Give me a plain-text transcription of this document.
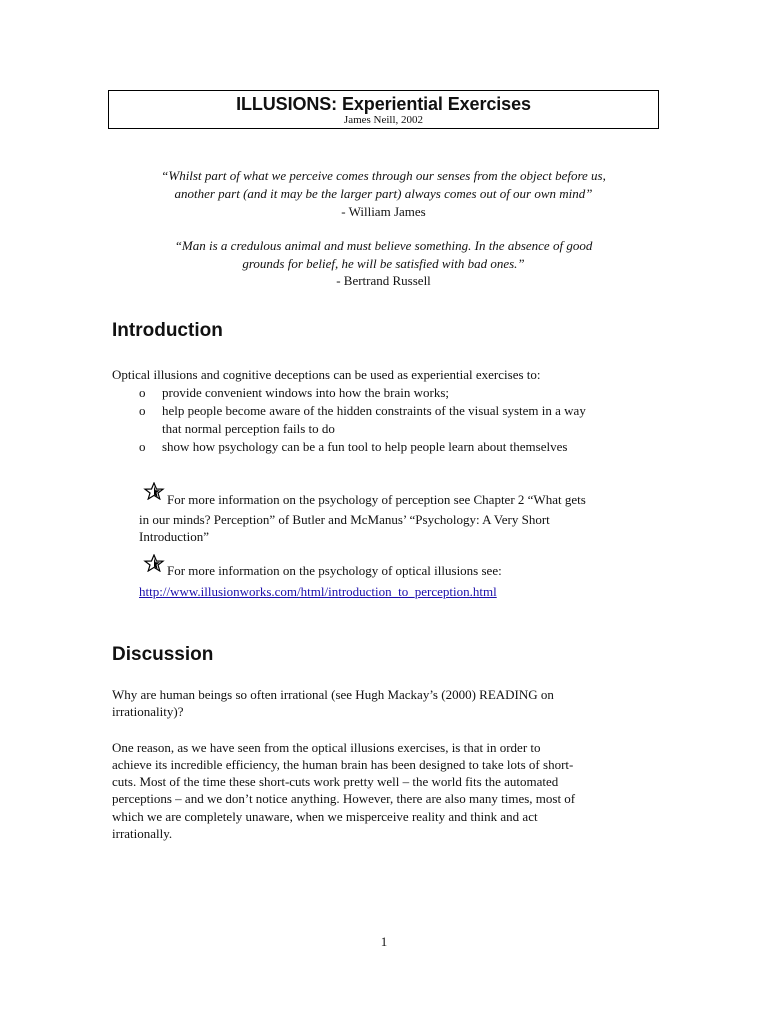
ILLUSIONS: Experiential Exercises
James Neill, 2002
“Whilst part of what we perceive comes through our senses from the object before us,
another part (and it may be the larger part) always comes out of our own mind”
- William James
“Man is a credulous animal and must believe something. In the absence of good
grounds for belief, he will be satisfied with bad ones.”
- Bertrand Russell
Introduction
Optical illusions and cognitive deceptions can be used as experiential exercises to:
o provide convenient windows into how the brain works;
o help people become aware of the hidden constraints of the visual system in a way
that normal perception fails to do
o show how psychology can be a fun tool to help people learn about themselves
For more information on the psychology of perception see Chapter 2 “What gets
in our minds? Perception” of Butler and McManus’ “Psychology: A Very Short
Introduction”
For more information on the psychology of optical illusions see:
http://www.illusionworks.com/html/introduction_to_perception.html
Discussion
Why are human beings so often irrational (see Hugh Mackay’s (2000) READING on
irrationality)?
One reason, as we have seen from the optical illusions exercises, is that in order to
achieve its incredible efficiency, the human brain has been designed to take lots of short-
cuts. Most of the time these short-cuts work pretty well – the world fits the automated
perceptions – and we don’t notice anything. However, there are also many times, most of
which we are completely unaware, when we misperceive reality and think and act
irrationally.
1
